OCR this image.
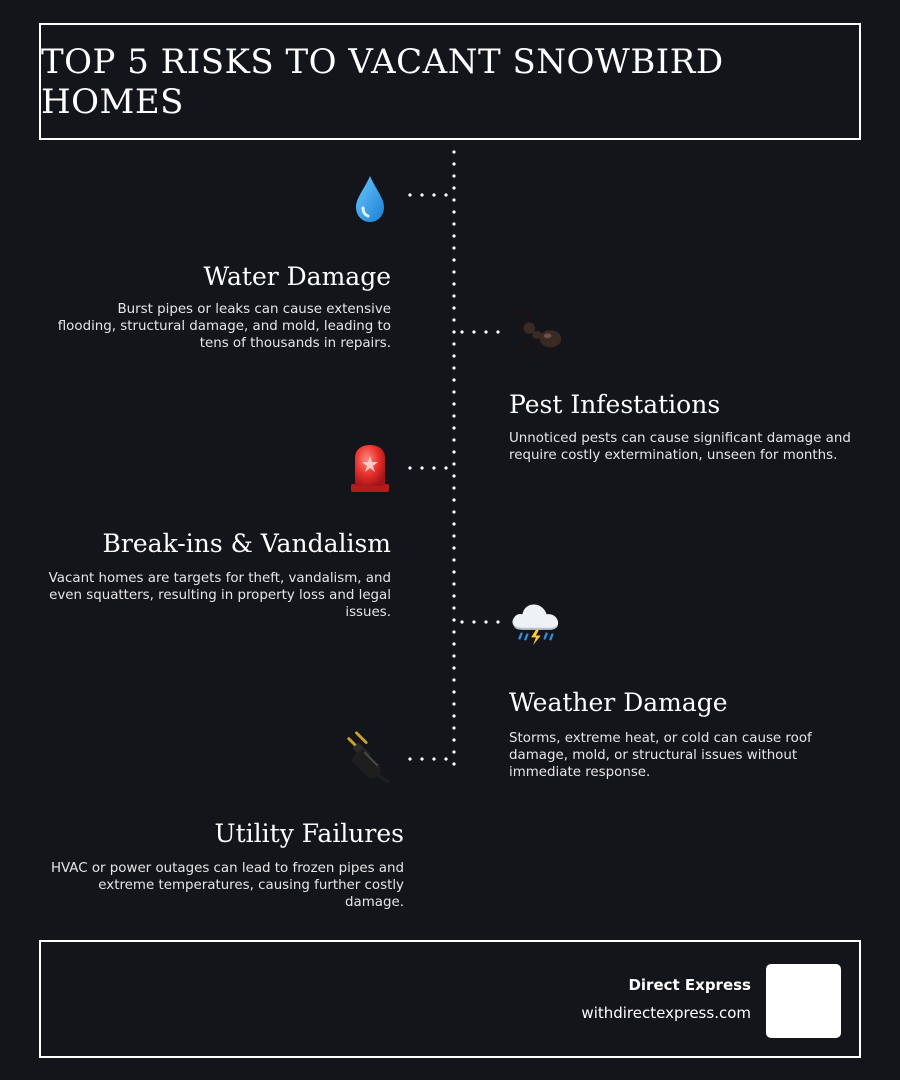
TOP 5 RISKS TO VACANT SNOWBIRD HOMES
Water Damage

Burst pipes or leaks can cause extensive flooding, structural damage, and mold, leading to tens of thousands in repairs.

Pest Infestations

Unnoticed pests can cause significant damage and require costly extermination, unseen for months.

Break-ins & Vandalism

Vacant homes are targets for theft, vandalism, and even squatters, resulting in property loss and legal issues.

Weather Damage

Storms, extreme heat, or cold can cause roof damage, mold, or structural issues without immediate response.

Utility Failures

HVAC or power outages can lead to frozen pipes and extreme temperatures, causing further costly damage.

Direct Express
withdirectexpress.com
